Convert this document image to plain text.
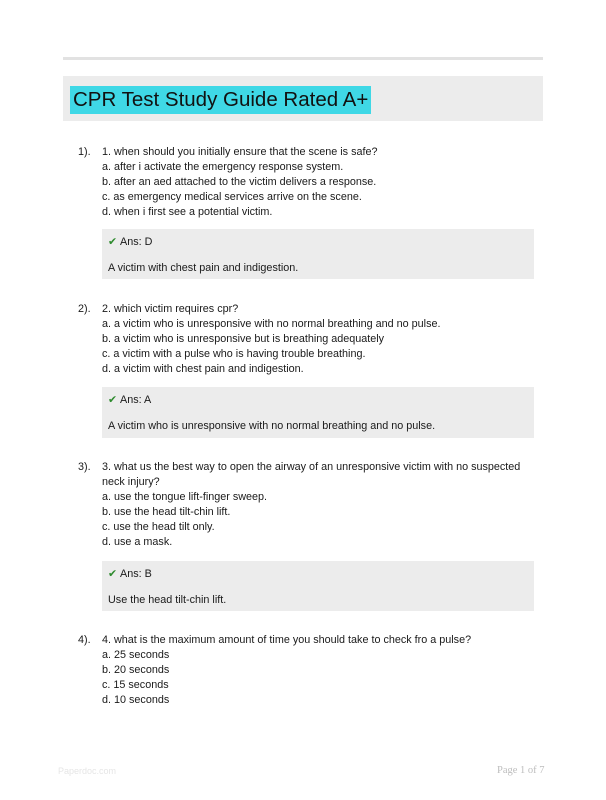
CPR Test Study Guide Rated A+
1). 1. when should you initially ensure that the scene is safe?
a. after i activate the emergency response system.
b. after an aed attached to the victim delivers a response.
c. as emergency medical services arrive on the scene.
d. when i first see a potential victim.
✔ Ans: D
A victim with chest pain and indigestion.
2). 2. which victim requires cpr?
a. a victim who is unresponsive with no normal breathing and no pulse.
b. a victim who is unresponsive but is breathing adequately
c. a victim with a pulse who is having trouble breathing.
d. a victim with chest pain and indigestion.
✔ Ans: A
A victim who is unresponsive with no normal breathing and no pulse.
3). 3. what us the best way to open the airway of an unresponsive victim with no suspected
neck injury?
a. use the tongue lift-finger sweep.
b. use the head tilt-chin lift.
c. use the head tilt only.
d. use a mask.
✔ Ans: B
Use the head tilt-chin lift.
4). 4. what is the maximum amount of time you should take to check fro a pulse?
a. 25 seconds
b. 20 seconds
c. 15 seconds
d. 10 seconds
Paperdoc.com	Page 1 of 7
